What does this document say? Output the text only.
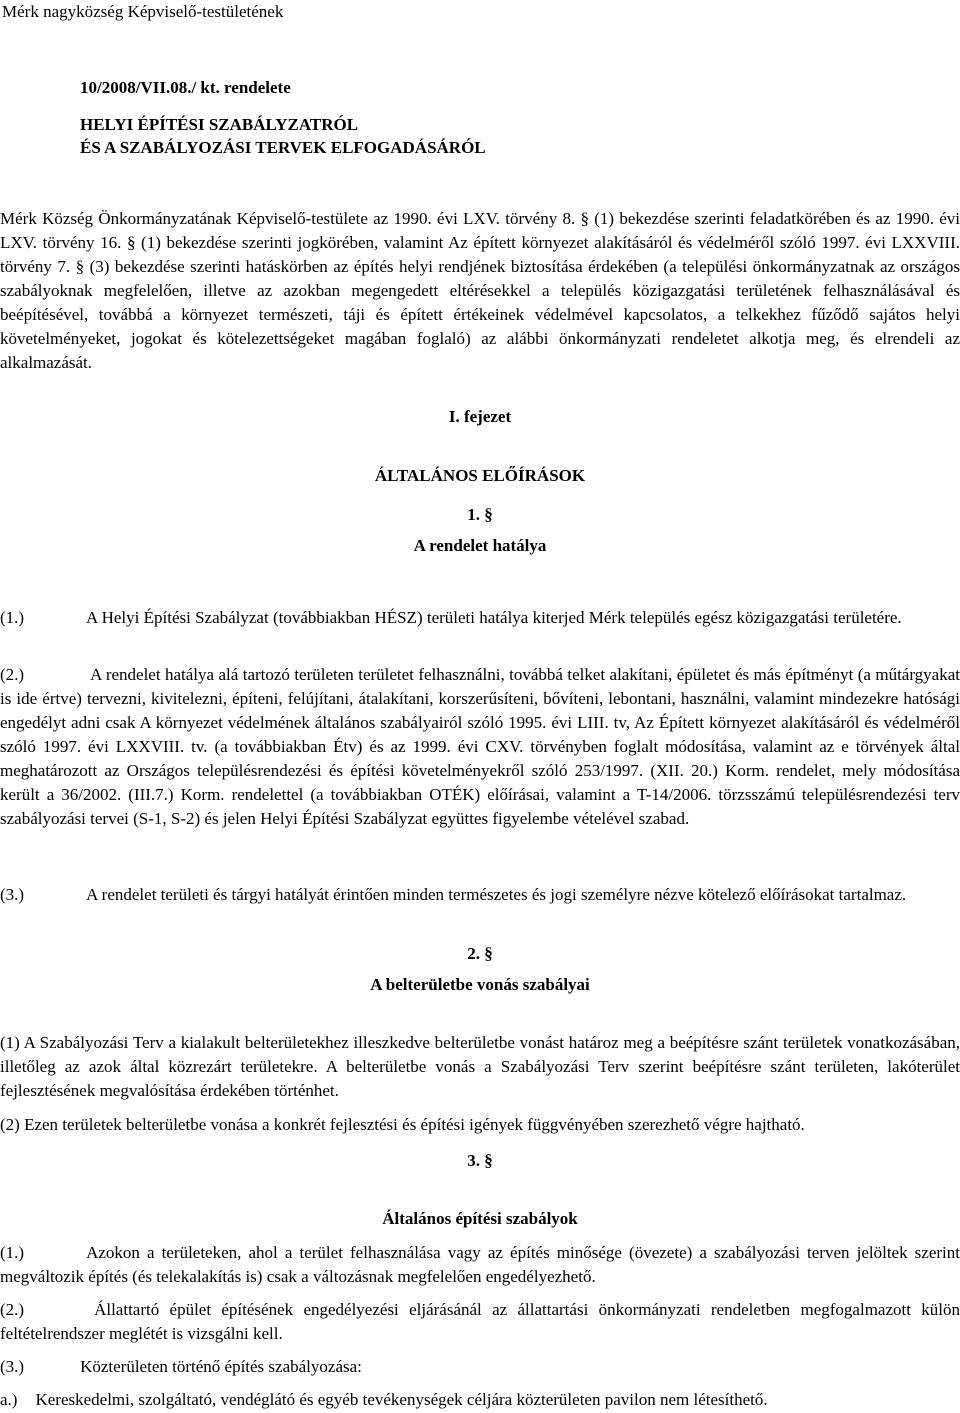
Mérk nagyközség Képviselő-testületének
10/2008/VII.08./ kt. rendelete
HELYI ÉPÍTÉSI SZABÁLYZATRÓL
ÉS A SZABÁLYOZÁSI TERVEK ELFOGADÁSÁRÓL

Mérk Község Önkormányzatának Képviselő-testülete az 1990. évi LXV. törvény 8. § (1) bekezdése szerinti feladatkörében és az 1990. évi LXV. törvény 16. § (1) bekezdése szerinti jogkörében, valamint Az épített környezet alakításáról és védelméről szóló 1997. évi LXXVIII. törvény 7. § (3) bekezdése szerinti hatáskörben az építés helyi rendjének biztosítása érdekében (a települési önkormányzatnak az országos szabályoknak megfelelően, illetve az azokban megengedett eltérésekkel a település közigazgatási területének felhasználásával és beépítésével, továbbá a környezet természeti, táji és épített értékeinek védelmével kapcsolatos, a telkekhez fűződő sajátos helyi követelményeket, jogokat és kötelezettségeket magában foglaló) az alábbi önkormányzati rendeletet alkotja meg, és elrendeli az alkalmazását.

I. fejezet
ÁLTALÁNOS ELŐÍRÁSOK
1. §
A rendelet hatálya
(1.)	A Helyi Építési Szabályzat (továbbiakban HÉSZ) területi hatálya kiterjed Mérk település egész közigazgatási területére.

(2.)	A rendelet hatálya alá tartozó területen területet felhasználni, továbbá telket alakítani, épületet és más építményt (a műtárgyakat is ide értve) tervezni, kivitelezni, építeni, felújítani, átalakítani, korszerűsíteni, bővíteni, lebontani, használni, valamint mindezekre hatósági engedélyt adni csak A környezet védelmének általános szabályairól szóló 1995. évi LIII. tv, Az Épített környezet alakításáról és védelméről szóló 1997. évi LXXVIII. tv. (a továbbiakban Étv) és az 1999. évi CXV. törvényben foglalt módosítása, valamint az e törvények által meghatározott az Országos településrendezési és építési követelményekről szóló 253/1997. (XII. 20.) Korm. rendelet, mely módosítása került a 36/2002. (III.7.) Korm. rendelettel (a továbbiakban OTÉK) előírásai, valamint a T-14/2006. törzsszámú településrendezési terv szabályozási tervei (S-1, S-2) és jelen Helyi Építési Szabályzat együttes figyelembe vételével szabad.

(3.)	A rendelet területi és tárgyi hatályát érintően minden természetes és jogi személyre nézve kötelező előírásokat tartalmaz.

2. §
A belterületbe vonás szabályai

(1) A Szabályozási Terv a kialakult belterületekhez illeszkedve belterületbe vonást határoz meg a beépítésre szánt területek vonatkozásában, illetőleg az azok által közrezárt területekre. A belterületbe vonás a Szabályozási Terv szerint beépítésre szánt területen, lakóterület fejlesztésének megvalósítása érdekében történhet.

(2) Ezen területek belterületbe vonása a konkrét fejlesztési és építési igények függvényében szerezhető végre hajtható.

3. §
Általános építési szabályok

(1.)	Azokon a területeken, ahol a terület felhasználása vagy az építés minősége (övezete) a szabályozási terven jelöltek szerint megváltozik építés (és telekalakítás is) csak a változásnak megfelelően engedélyezhető.

(2.)	Állattartó épület építésének engedélyezési eljárásánál az állattartási önkormányzati rendeletben megfogalmazott külön feltételrendszer meglétét is vizsgálni kell.

(3.)	Közterületen történő építés szabályozása:

a.) Kereskedelmi, szolgáltató, vendéglátó és egyéb tevékenységek céljára közterületen pavilon nem létesíthető.
